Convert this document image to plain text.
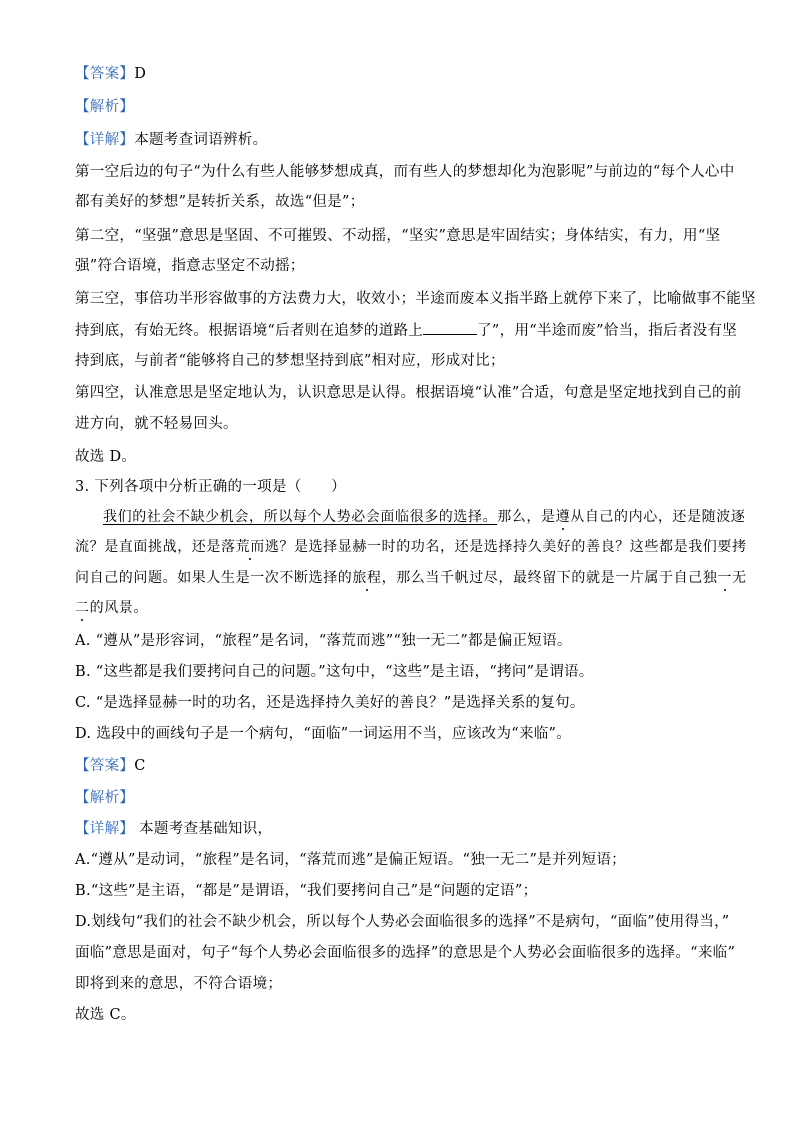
【答案】D
【解析】
【详解】本题考查词语辨析。
第一空后边的句子“为什么有些人能够梦想成真，而有些人的梦想却化为泡影呢”与前边的“每个人心中
都有美好的梦想”是转折关系，故选“但是”；
第二空，“坚强”意思是坚固、不可摧毁、不动摇，“坚实”意思是牢固结实；身体结实，有力，用“坚
强”符合语境，指意志坚定不动摇；
第三空，事倍功半形容做事的方法费力大，收效小；半途而废本义指半路上就停下来了，比喻做事不能坚
持到底，有始无终。根据语境“后者则在追梦的道路上	了”，用“半途而废”恰当，指后者没有坚
持到底，与前者“能够将自己的梦想坚持到底”相对应，形成对比；
第四空，认准意思是坚定地认为，认识意思是认得。根据语境“认准”合适，句意是坚定地找到自己的前
进方向，就不轻易回头。
故选 D。
3. 下列各项中分析正确的一项是（　　）
我们的社会不缺少机会，所以每个人势必会面临很多的选择。那么，是遵从自己的内心，还是随波逐
流？是直面挑战，还是落荒而逃？是选择显赫一时的功名，还是选择持久美好的善良？这些都是我们要拷
问自己的问题。如果人生是一次不断选择的旅程，那么当千帆过尽，最终留下的就是一片属于自己独一无
二的风景。
A. “遵从”是形容词，“旅程”是名词，“落荒而逃”“独一无二”都是偏正短语。
B. “这些都是我们要拷问自己的问题。”这句中，“这些”是主语，“拷问”是谓语。
C. “是选择显赫一时的功名，还是选择持久美好的善良？”是选择关系的复句。
D. 选段中的画线句子是一个病句，“面临”一词运用不当，应该改为“来临”。
【答案】C
【解析】
【详解】 本题考查基础知识，
A.“遵从”是动词，“旅程”是名词，“落荒而逃”是偏正短语。“独一无二”是并列短语；
B.“这些”是主语，“都是”是谓语，“我们要拷问自己”是“问题的定语”；
D.划线句“我们的社会不缺少机会，所以每个人势必会面临很多的选择”不是病句，“面临”使用得当，”
面临”意思是面对，句子“每个人势必会面临很多的选择”的意思是个人势必会面临很多的选择。“来临”
即将到来的意思，不符合语境；
故选 C。
